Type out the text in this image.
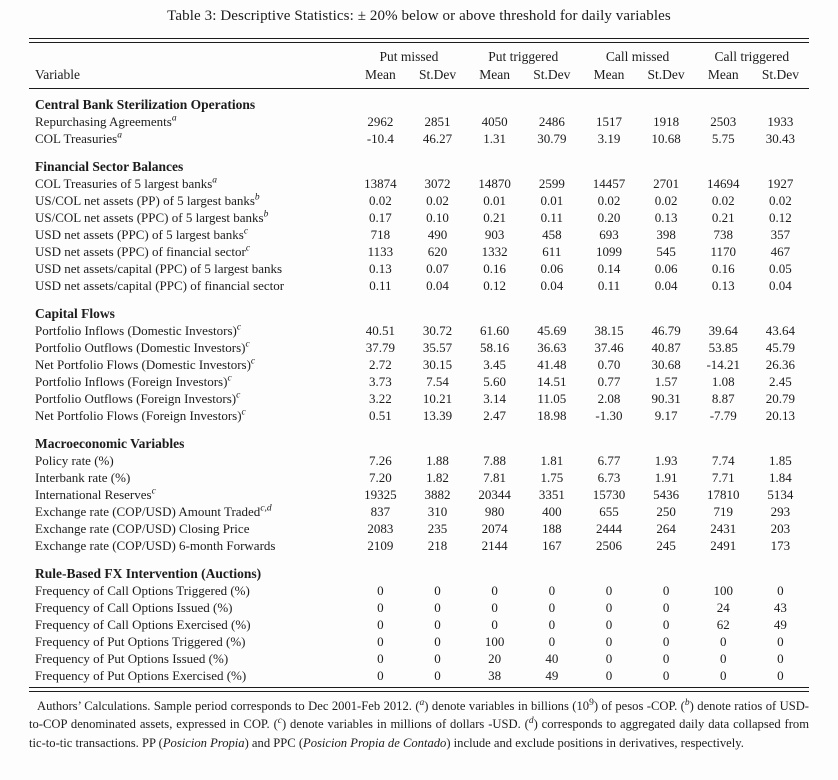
Table 3: Descriptive Statistics: ± 20% below or above threshold for daily variables
	Put missed		Put triggered		Call missed		Call triggered	
Variable	Mean	St.Dev	Mean	St.Dev	Mean	St.Dev	Mean	St.Dev
Central Bank Sterilization Operations								
Repurchasing Agreements$^a$	2962	2851	4050	2486	1517	1918	2503	1933
COL Treasuries$^a$	-10.4	46.27	1.31	30.79	3.19	10.68	5.75	30.43
Financial Sector Balances								
COL Treasuries of 5 largest banks$^a$	13874	3072	14870	2599	14457	2701	14694	1927
US/COL net assets (PP) of 5 largest banks$^b$	0.02	0.02	0.01	0.01	0.02	0.02	0.02	0.02
US/COL net assets (PPC) of 5 largest banks$^b$	0.17	0.10	0.21	0.11	0.20	0.13	0.21	0.12
USD net assets (PPC) of 5 largest banks$^c$	718	490	903	458	693	398	738	357
USD net assets (PPC) of financial sector$^c$	1133	620	1332	611	1099	545	1170	467
USD net assets/capital (PPC) of 5 largest banks	0.13	0.07	0.16	0.06	0.14	0.06	0.16	0.05
USD net assets/capital (PPC) of financial sector	0.11	0.04	0.12	0.04	0.11	0.04	0.13	0.04
Capital Flows								
Portfolio Inflows (Domestic Investors)$^c$	40.51	30.72	61.60	45.69	38.15	46.79	39.64	43.64
Portfolio Outflows (Domestic Investors)$^c$	37.79	35.57	58.16	36.63	37.46	40.87	53.85	45.79
Net Portfolio Flows (Domestic Investors)$^c$	2.72	30.15	3.45	41.48	0.70	30.68	-14.21	26.36
Portfolio Inflows (Foreign Investors)$^c$	3.73	7.54	5.60	14.51	0.77	1.57	1.08	2.45
Portfolio Outflows (Foreign Investors)$^c$	3.22	10.21	3.14	11.05	2.08	90.31	8.87	20.79
Net Portfolio Flows (Foreign Investors)$^c$	0.51	13.39	2.47	18.98	-1.30	9.17	-7.79	20.13
Macroeconomic Variables								
Policy rate (%)	7.26	1.88	7.88	1.81	6.77	1.93	7.74	1.85
Interbank rate (%)	7.20	1.82	7.81	1.75	6.73	1.91	7.71	1.84
International Reserves$^c$	19325	3882	20344	3351	15730	5436	17810	5134
Exchange rate (COP/USD) Amount Traded$^{c,d}$	837	310	980	400	655	250	719	293
Exchange rate (COP/USD) Closing Price	2083	235	2074	188	2444	264	2431	203
Exchange rate (COP/USD) 6-month Forwards	2109	218	2144	167	2506	245	2491	173
Rule-Based FX Intervention (Auctions)								
Frequency of Call Options Triggered (%)	0	0	0	0	0	0	100	0
Frequency of Call Options Issued (%)	0	0	0	0	0	0	24	43
Frequency of Call Options Exercised (%)	0	0	0	0	0	0	62	49
Frequency of Put Options Triggered (%)	0	0	100	0	0	0	0	0
Frequency of Put Options Issued (%)	0	0	20	40	0	0	0	0
Frequency of Put Options Exercised (%)	0	0	38	49	0	0	0	0

Authors’ Calculations. Sample period corresponds to Dec 2001-Feb 2012. ($^a$) denote variables in billions $(10^9)$ of pesos -COP. ($^b$) denote ratios of USD-to-COP denominated assets, expressed in COP. ($^c$) denote variables in millions of dollars -USD. ($^d$) corresponds to aggregated daily data collapsed from tic-to-tic transactions. PP (Posicion Propia) and PPC (Posicion Propia de Contado) include and exclude positions in derivatives, respectively.
